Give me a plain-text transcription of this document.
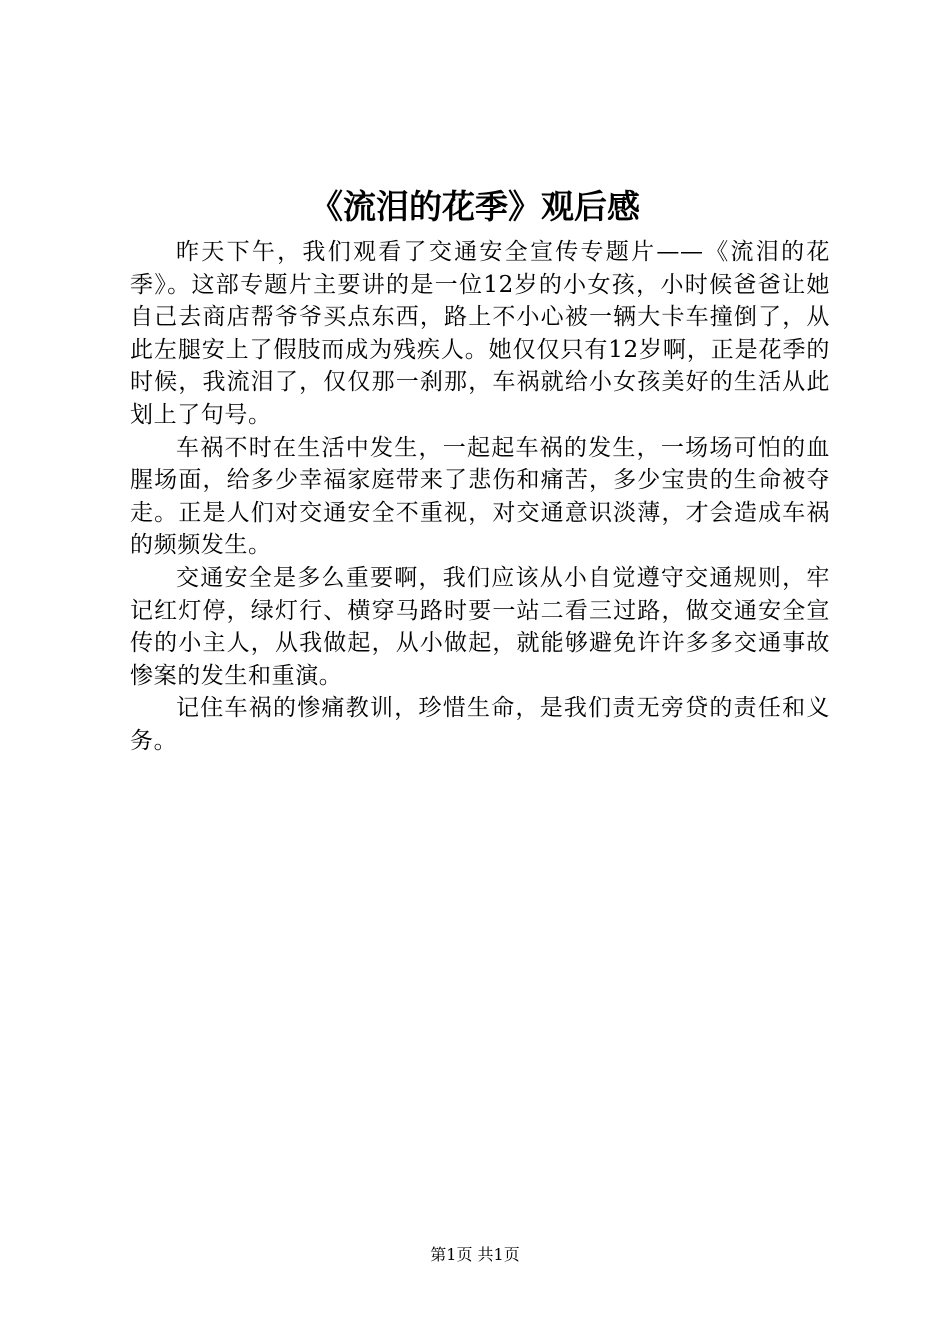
《流泪的花季》观后感

昨天下午，我们观看了交通安全宣传专题片——《流泪的花季》。这部专题片主要讲的是一位12岁的小女孩，小时候爸爸让她自己去商店帮爷爷买点东西，路上不小心被一辆大卡车撞倒了，从此左腿安上了假肢而成为残疾人。她仅仅只有12岁啊，正是花季的时候，我流泪了，仅仅那一刹那，车祸就给小女孩美好的生活从此划上了句号。

车祸不时在生活中发生，一起起车祸的发生，一场场可怕的血腥场面，给多少幸福家庭带来了悲伤和痛苦，多少宝贵的生命被夺走。正是人们对交通安全不重视，对交通意识淡薄，才会造成车祸的频频发生。

交通安全是多么重要啊，我们应该从小自觉遵守交通规则，牢记红灯停，绿灯行、横穿马路时要一站二看三过路，做交通安全宣传的小主人，从我做起，从小做起，就能够避免许许多多交通事故惨案的发生和重演。

记住车祸的惨痛教训，珍惜生命，是我们责无旁贷的责任和义务。

第1页 共1页
